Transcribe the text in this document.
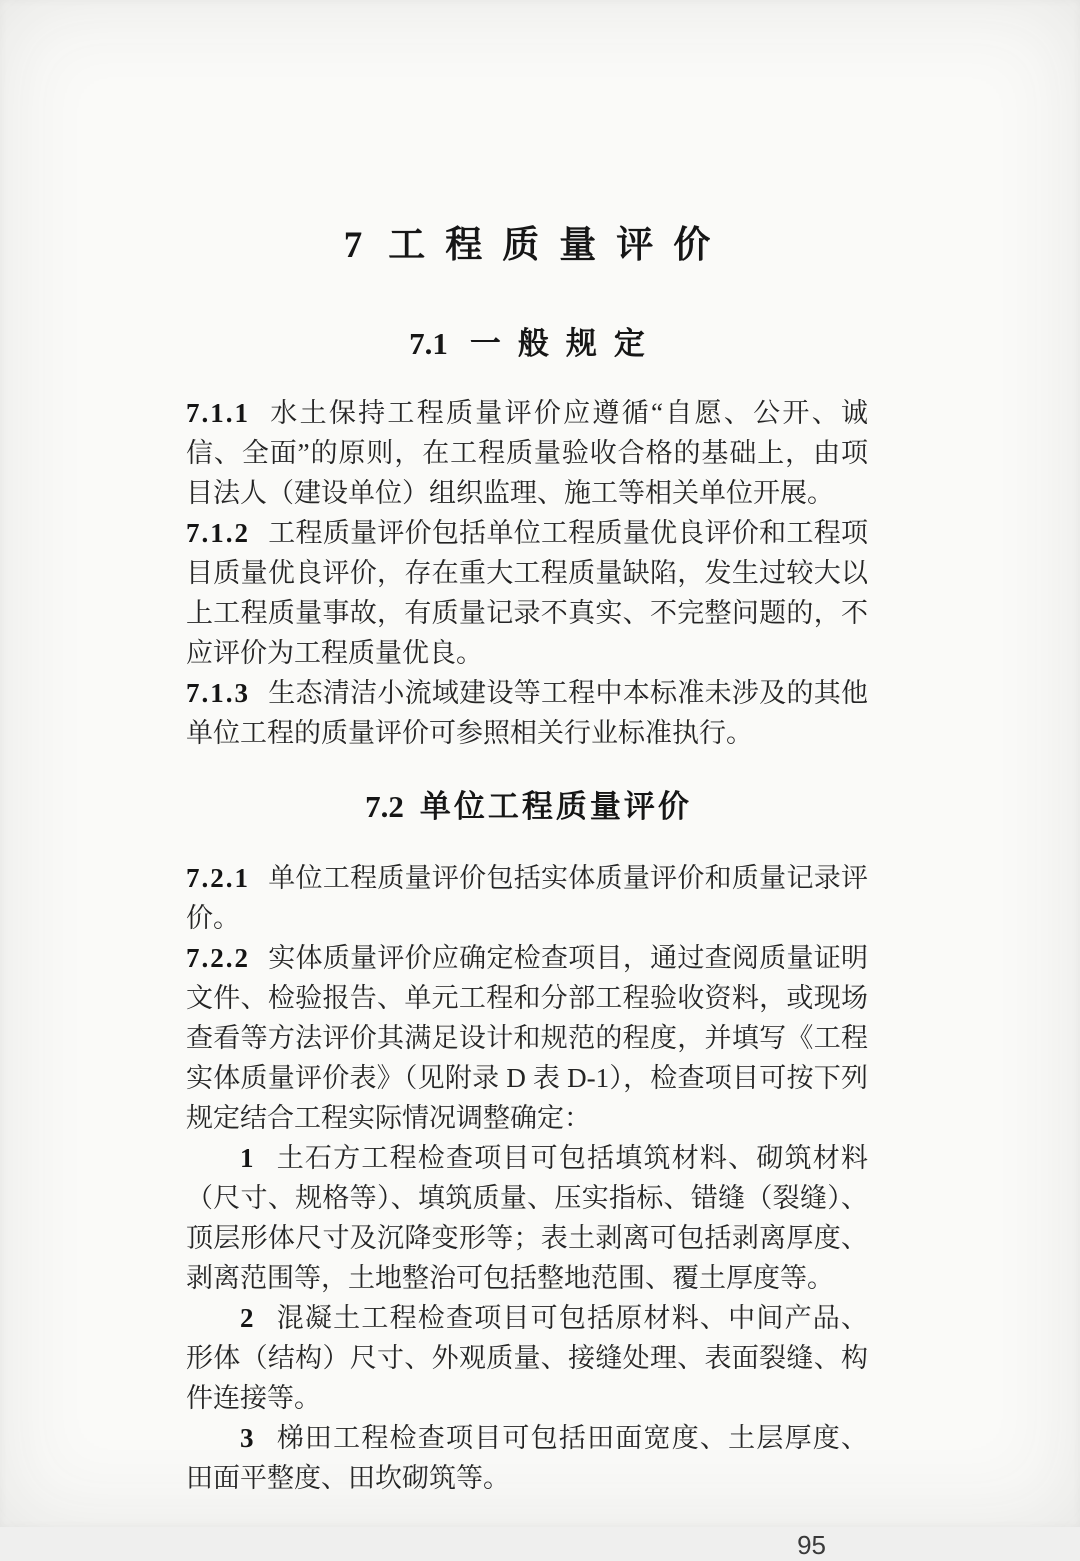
7 工程质量评价
7.1 一般规定

7.1.1 水土保持工程质量评价应遵循“自愿、公开、诚信、全面”的原则，在工程质量验收合格的基础上，由项目法人（建设单位）组织监理、施工等相关单位开展。

7.1.2 工程质量评价包括单位工程质量优良评价和工程项目质量优良评价，存在重大工程质量缺陷，发生过较大以上工程质量事故，有质量记录不真实、不完整问题的，不应评价为工程质量优良。

7.1.3 生态清洁小流域建设等工程中本标准未涉及的其他单位工程的质量评价可参照相关行业标准执行。

7.2 单位工程质量评价

7.2.1 单位工程质量评价包括实体质量评价和质量记录评价。

7.2.2 实体质量评价应确定检查项目，通过查阅质量证明文件、检验报告、单元工程和分部工程验收资料，或现场查看等方法评价其满足设计和规范的程度，并填写《工程实体质量评价表》（见附录 D 表 D-1），检查项目可按下列规定结合工程实际情况调整确定：

1 土石方工程检查项目可包括填筑材料、砌筑材料（尺寸、规格等）、填筑质量、压实指标、错缝（裂缝）、顶层形体尺寸及沉降变形等；表土剥离可包括剥离厚度、剥离范围等，土地整治可包括整地范围、覆土厚度等。

2 混凝土工程检查项目可包括原材料、中间产品、形体（结构）尺寸、外观质量、接缝处理、表面裂缝、构件连接等。

3 梯田工程检查项目可包括田面宽度、土层厚度、田面平整度、田坎砌筑等。

95
